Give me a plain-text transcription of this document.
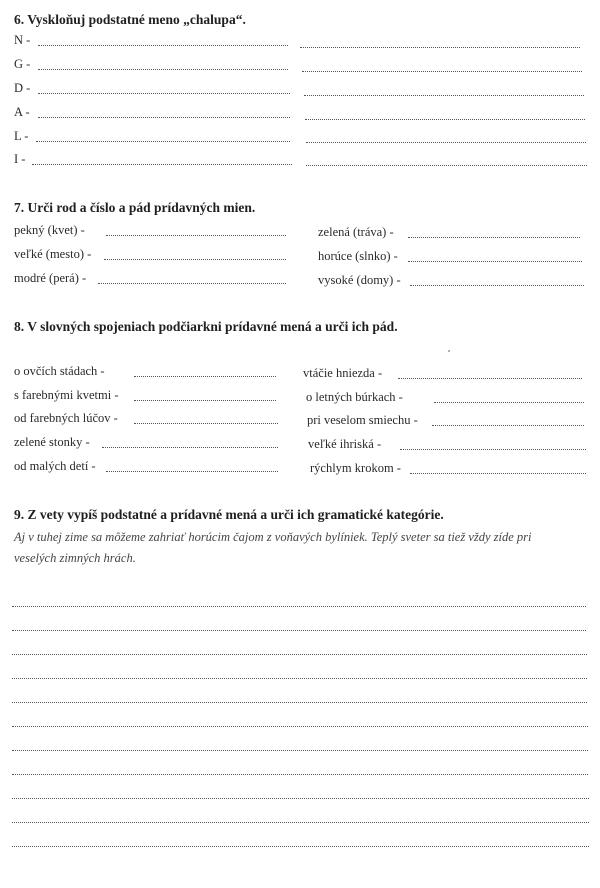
6. Vyskloňuj podstatné meno „chalupa“.
N -
G -
D -
A -
L -
I -
7. Urči rod a číslo a pád prídavných mien.
pekný (kvet) -	zelená (tráva) -
veľké (mesto) -	horúce (slnko) -
modré (perá) -	vysoké (domy) -
8. V slovných spojeniach podčiarkni prídavné mená a urči ich pád.
o ovčích stádach -	vtáčie hniezda -
s farebnými kvetmi -	o letných búrkach -
od farebných lúčov -	pri veselom smiechu -
zelené stonky -	veľké ihriská -
od malých detí -	rýchlym krokom -
9. Z vety vypíš podstatné a prídavné mená a urči ich gramatické kategórie.
Aj v tuhej zime sa môžeme zahriať horúcim čajom z voňavých bylíniek. Teplý sveter sa tiež vždy zíde pri
veselých zimných hrách.
